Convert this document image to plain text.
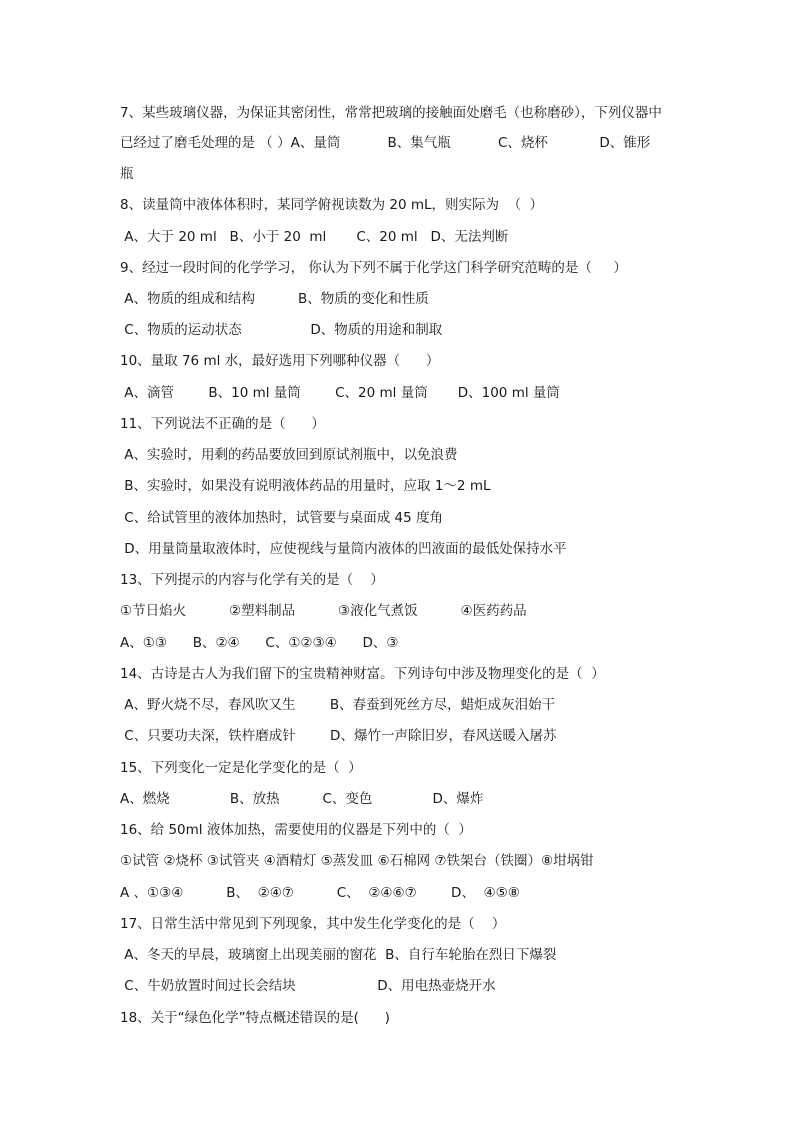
7、某些玻璃仪器，为保证其密闭性，常常把玻璃的接触面处磨毛（也称磨砂），下列仪器中
已经过了磨毛处理的是 （ ）A、量筒           B、集气瓶           C、烧杯            D、锥形
瓶
8、读量筒中液体体积时，某同学俯视读数为 20 mL，则实际为  （  ）
A、大于 20 ml   B、小于 20  ml       C、20 ml   D、无法判断
9、经过一段时间的化学学习， 你认为下列不属于化学这门科学研究范畴的是（     ）
A、物质的组成和结构          B、物质的变化和性质
C、物质的运动状态                D、物质的用途和制取
10、量取 76 ml 水，最好选用下列哪种仪器（      ）
A、滴管        B、10 ml 量筒        C、20 ml 量筒       D、100 ml 量筒
11、下列说法不正确的是（      ）
A、实验时，用剩的药品要放回到原试剂瓶中，以免浪费
B、实验时，如果没有说明液体药品的用量时，应取 1～2 mL
C、给试管里的液体加热时，试管要与桌面成 45 度角
D、用量筒量取液体时，应使视线与量筒内液体的凹液面的最低处保持水平
13、下列提示的内容与化学有关的是（    ）
①节日焰火          ②塑料制品          ③液化气煮饭          ④医药药品
A、①③      B、②④      C、①②③④      D、③
14、古诗是古人为我们留下的宝贵精神财富。下列诗句中涉及物理变化的是（  ）
A、野火烧不尽，春风吹又生        B、春蚕到死丝方尽，蜡炬成灰泪始干
C、只要功夫深，铁杵磨成针        D、爆竹一声除旧岁，春风送暖入屠苏
15、下列变化一定是化学变化的是（  ）
A、燃烧              B、放热          C、变色              D、爆炸
16、给 50ml 液体加热，需要使用的仪器是下列中的（  ）
①试管 ②烧杯 ③试管夹 ④酒精灯 ⑤蒸发皿 ⑥石棉网 ⑦铁架台（铁圈）⑧坩埚钳
A 、①③④          B、  ②④⑦          C、  ②④⑥⑦        D、  ④⑤⑧
17、日常生活中常见到下列现象，其中发生化学变化的是（    ）
A、冬天的早晨，玻璃窗上出现美丽的窗花  B、自行车轮胎在烈日下爆裂
C、牛奶放置时间过长会结块                   D、用电热壶烧开水
18、关于“绿色化学”特点概述错误的是(      )
